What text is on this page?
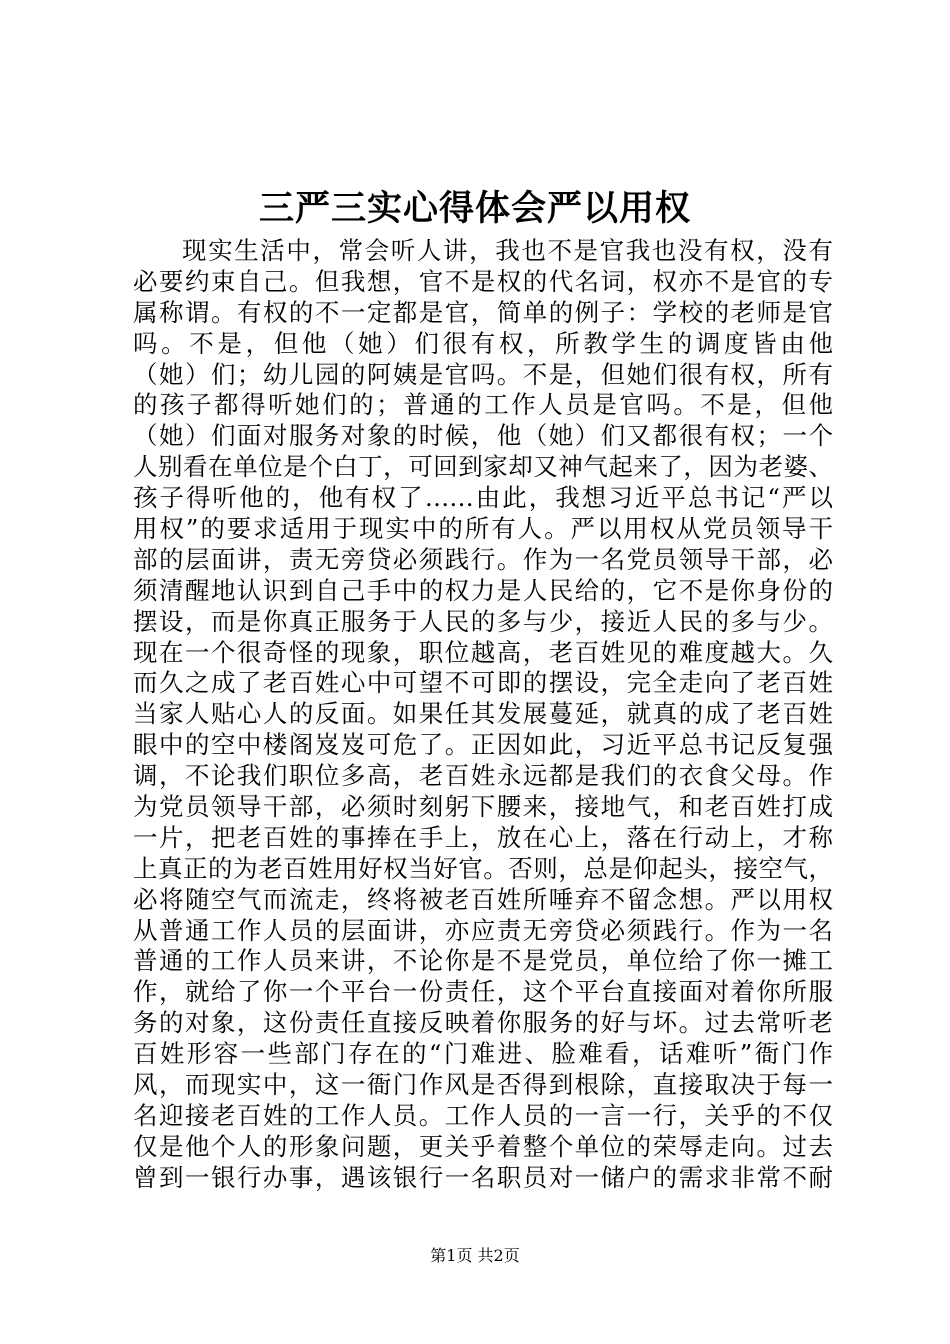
三严三实心得体会严以用权
现实生活中，常会听人讲，我也不是官我也没有权，没有
必要约束自己。但我想，官不是权的代名词，权亦不是官的专
属称谓。有权的不一定都是官，简单的例子：学校的老师是官
吗。不是，但他（她）们很有权，所教学生的调度皆由他
（她）们；幼儿园的阿姨是官吗。不是，但她们很有权，所有
的孩子都得听她们的；普通的工作人员是官吗。不是，但他
（她）们面对服务对象的时候，他（她）们又都很有权；一个
人别看在单位是个白丁，可回到家却又神气起来了，因为老婆、
孩子得听他的，他有权了……由此，我想习近平总书记“严以
用权”的要求适用于现实中的所有人。严以用权从党员领导干
部的层面讲，责无旁贷必须践行。作为一名党员领导干部，必
须清醒地认识到自己手中的权力是人民给的，它不是你身份的
摆设，而是你真正服务于人民的多与少，接近人民的多与少。
现在一个很奇怪的现象，职位越高，老百姓见的难度越大。久
而久之成了老百姓心中可望不可即的摆设，完全走向了老百姓
当家人贴心人的反面。如果任其发展蔓延，就真的成了老百姓
眼中的空中楼阁岌岌可危了。正因如此，习近平总书记反复强
调，不论我们职位多高，老百姓永远都是我们的衣食父母。作
为党员领导干部，必须时刻躬下腰来，接地气，和老百姓打成
一片，把老百姓的事捧在手上，放在心上，落在行动上，才称
上真正的为老百姓用好权当好官。否则，总是仰起头，接空气，
必将随空气而流走，终将被老百姓所唾弃不留念想。严以用权
从普通工作人员的层面讲，亦应责无旁贷必须践行。作为一名
普通的工作人员来讲，不论你是不是党员，单位给了你一摊工
作，就给了你一个平台一份责任，这个平台直接面对着你所服
务的对象，这份责任直接反映着你服务的好与坏。过去常听老
百姓形容一些部门存在的“门难进、脸难看，话难听”衙门作
风，而现实中，这一衙门作风是否得到根除，直接取决于每一
名迎接老百姓的工作人员。工作人员的一言一行，关乎的不仅
仅是他个人的形象问题，更关乎着整个单位的荣辱走向。过去
曾到一银行办事，遇该银行一名职员对一储户的需求非常不耐
第1页 共2页
